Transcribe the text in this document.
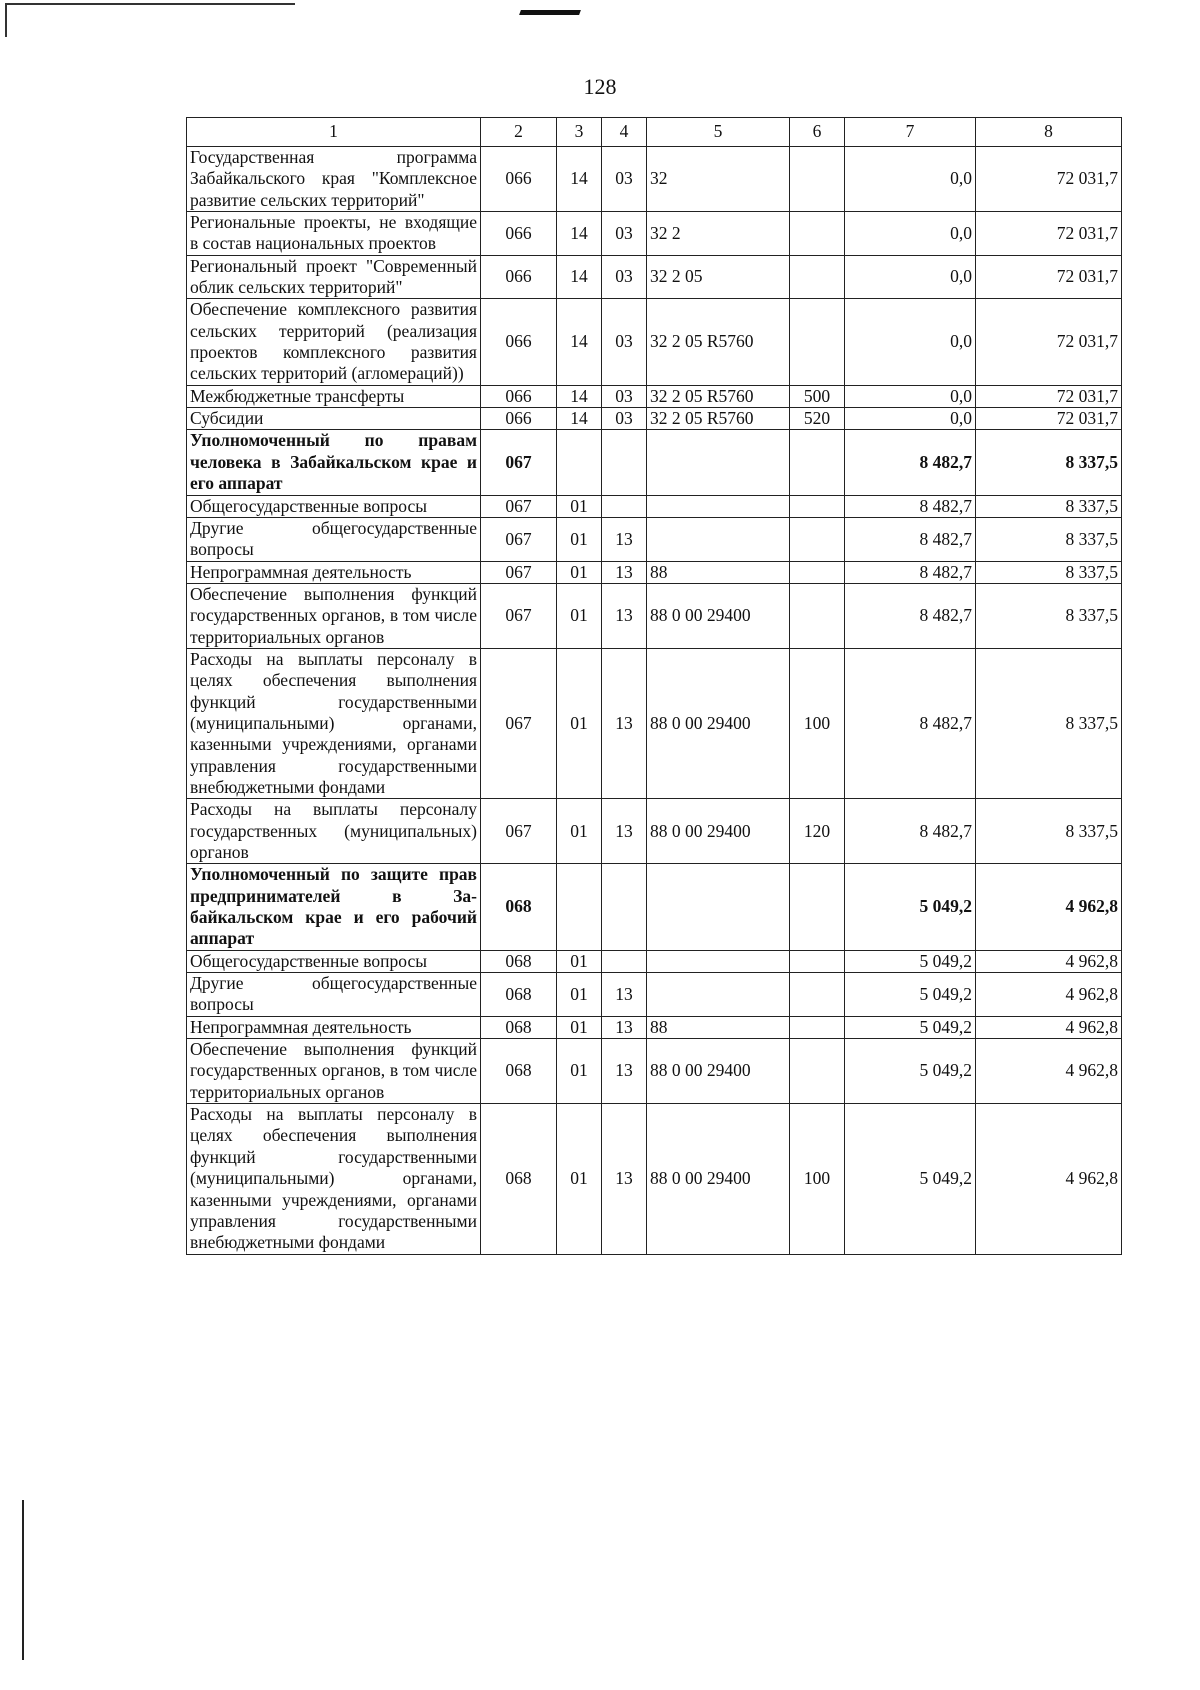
128
1	2	3	4	5	6	7	8
Государственная программа Забайкальского края "Комплексное развитие сельских территорий"	066	14	03	32		0,0	72 031,7
Региональные проекты, не входящие в состав национальных проектов	066	14	03	32 2		0,0	72 031,7
Региональный проект "Современный облик сельских территорий"	066	14	03	32 2 05		0,0	72 031,7
Обеспечение комплексного развития сельских территорий (реализация проектов комплексного развития сельских территорий (агломераций))	066	14	03	32 2 05 R5760		0,0	72 031,7
Межбюджетные трансферты	066	14	03	32 2 05 R5760	500	0,0	72 031,7
Субсидии	066	14	03	32 2 05 R5760	520	0,0	72 031,7
Уполномоченный по правам человека в Забайкальском крае и его аппарат	067					8 482,7	8 337,5
Общегосударственные вопросы	067	01				8 482,7	8 337,5
Другие общегосударственные вопросы	067	01	13			8 482,7	8 337,5
Непрограммная деятельность	067	01	13	88		8 482,7	8 337,5
Обеспечение выполнения функций государственных органов, в том числе территориальных органов	067	01	13	88 0 00 29400		8 482,7	8 337,5
Расходы на выплаты персоналу в целях обеспечения выполнения функций государственными (муниципальными) органами, казенными учреждениями, органами управления государственными внебюджетными фондами	067	01	13	88 0 00 29400	100	8 482,7	8 337,5
Расходы на выплаты персоналу государственных (муниципальных) органов	067	01	13	88 0 00 29400	120	8 482,7	8 337,5
Уполномоченный по защите прав предпринимателей в Забайкальском крае и его рабочий аппарат	068					5 049,2	4 962,8
Общегосударственные вопросы	068	01				5 049,2	4 962,8
Другие общегосударственные вопросы	068	01	13			5 049,2	4 962,8
Непрограммная деятельность	068	01	13	88		5 049,2	4 962,8
Обеспечение выполнения функций государственных органов, в том числе территориальных органов	068	01	13	88 0 00 29400		5 049,2	4 962,8
Расходы на выплаты персоналу в целях обеспечения выполнения функций государственными (муниципальными) органами, казенными учреждениями, органами управления государственными внебюджетными фондами	068	01	13	88 0 00 29400	100	5 049,2	4 962,8
